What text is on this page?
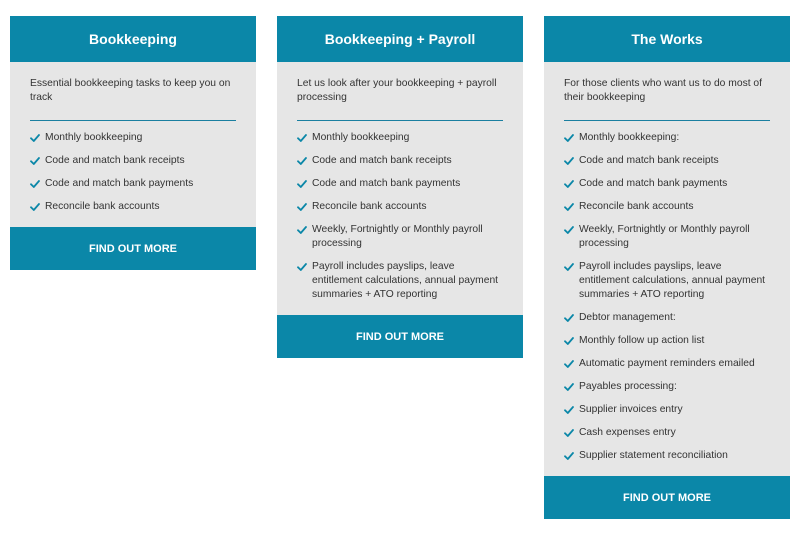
Bookkeeping

Essential bookkeeping tasks to keep you on track

Monthly bookkeeping
Code and match bank receipts
Code and match bank payments
Reconcile bank accounts
FIND OUT MORE
Bookkeeping + Payroll

Let us look after your bookkeeping + payroll processing

Monthly bookkeeping
Code and match bank receipts
Code and match bank payments
Reconcile bank accounts
Weekly, Fortnightly or Monthly payroll processing
Payroll includes payslips, leave entitlement calculations, annual payment summaries + ATO reporting
FIND OUT MORE
The Works

For those clients who want us to do most of their bookkeeping

Monthly bookkeeping:
Code and match bank receipts
Code and match bank payments
Reconcile bank accounts
Weekly, Fortnightly or Monthly payroll processing
Payroll includes payslips, leave entitlement calculations, annual payment summaries + ATO reporting
Debtor management:
Monthly follow up action list
Automatic payment reminders emailed
Payables processing:
Supplier invoices entry
Cash expenses entry
Supplier statement reconciliation
FIND OUT MORE
